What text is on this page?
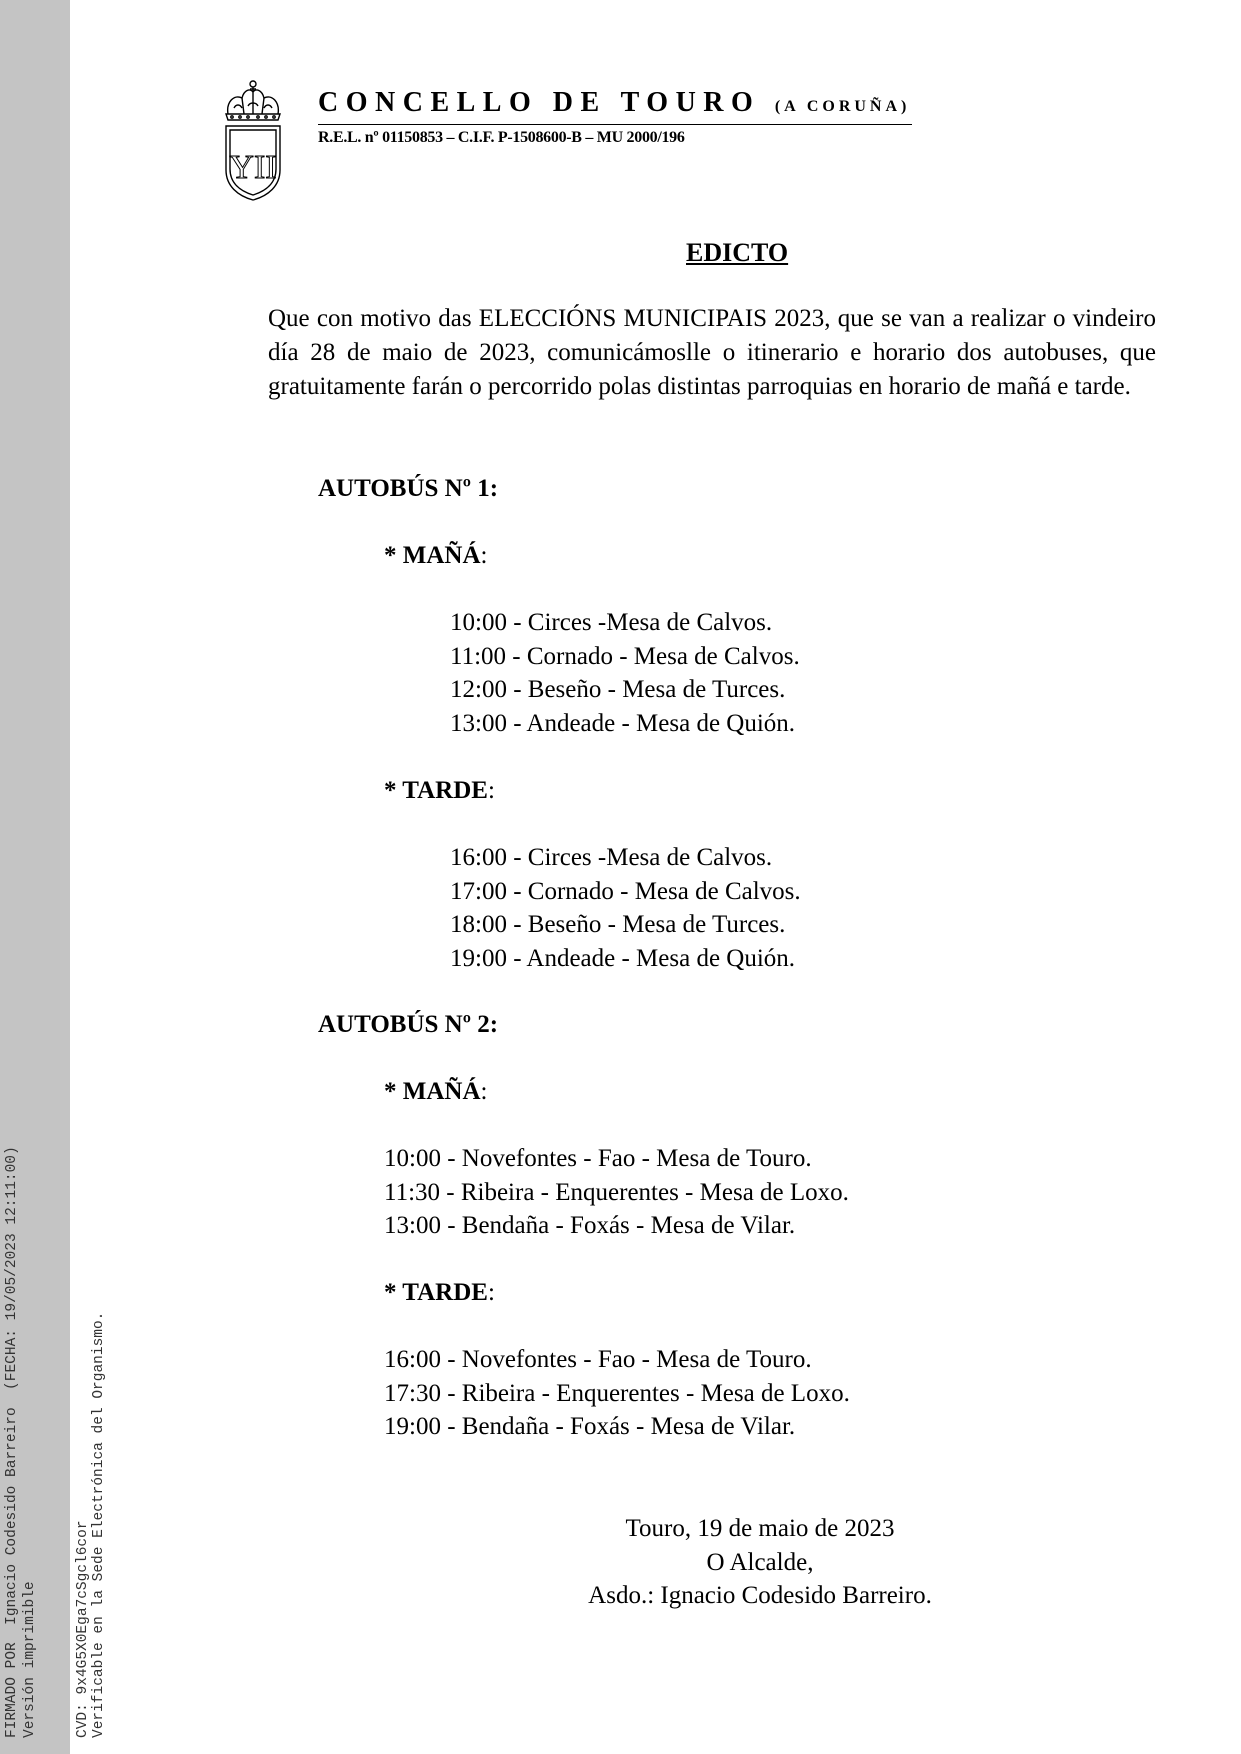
FIRMADO POR  Ignacio Codesido Barreiro  (FECHA: 19/05/2023 12:11:00) Versión imprimible	CVD: 9x4G5X0Ega7cSgcl6cor Verificable en la Sede Electrónica del Organismo.
YII
CONCELLO DE TOURO (A CORUÑA)
R.E.L. nº 01150853 – C.I.F. P-1508600-B – MU 2000/196
EDICTO

Que con motivo das ELECCIÓNS MUNICIPAIS 2023, que se van a realizar o vindeiro día 28 de maio de 2023, comunicámoslle o itinerario e horario dos autobuses, que gratuitamente farán o percorrido polas distintas parroquias en horario de mañá e tarde.

AUTOBÚS Nº 1:
* MAÑÁ:
10:00 - Circes -Mesa de Calvos.
11:00 - Cornado - Mesa de Calvos.
12:00 - Beseño - Mesa de Turces.
13:00 - Andeade - Mesa de Quión.
* TARDE:
16:00 - Circes -Mesa de Calvos.
17:00 - Cornado - Mesa de Calvos.
18:00 - Beseño - Mesa de Turces.
19:00 - Andeade - Mesa de Quión.
AUTOBÚS Nº 2:
* MAÑÁ:
10:00 - Novefontes - Fao - Mesa de Touro.
11:30 - Ribeira - Enquerentes - Mesa de Loxo.
13:00 - Bendaña - Foxás - Mesa de Vilar.
* TARDE:
16:00 - Novefontes - Fao - Mesa de Touro.
17:30 - Ribeira - Enquerentes - Mesa de Loxo.
19:00 - Bendaña - Foxás - Mesa de Vilar.
Touro, 19 de maio de 2023
O Alcalde,
Asdo.: Ignacio Codesido Barreiro.
